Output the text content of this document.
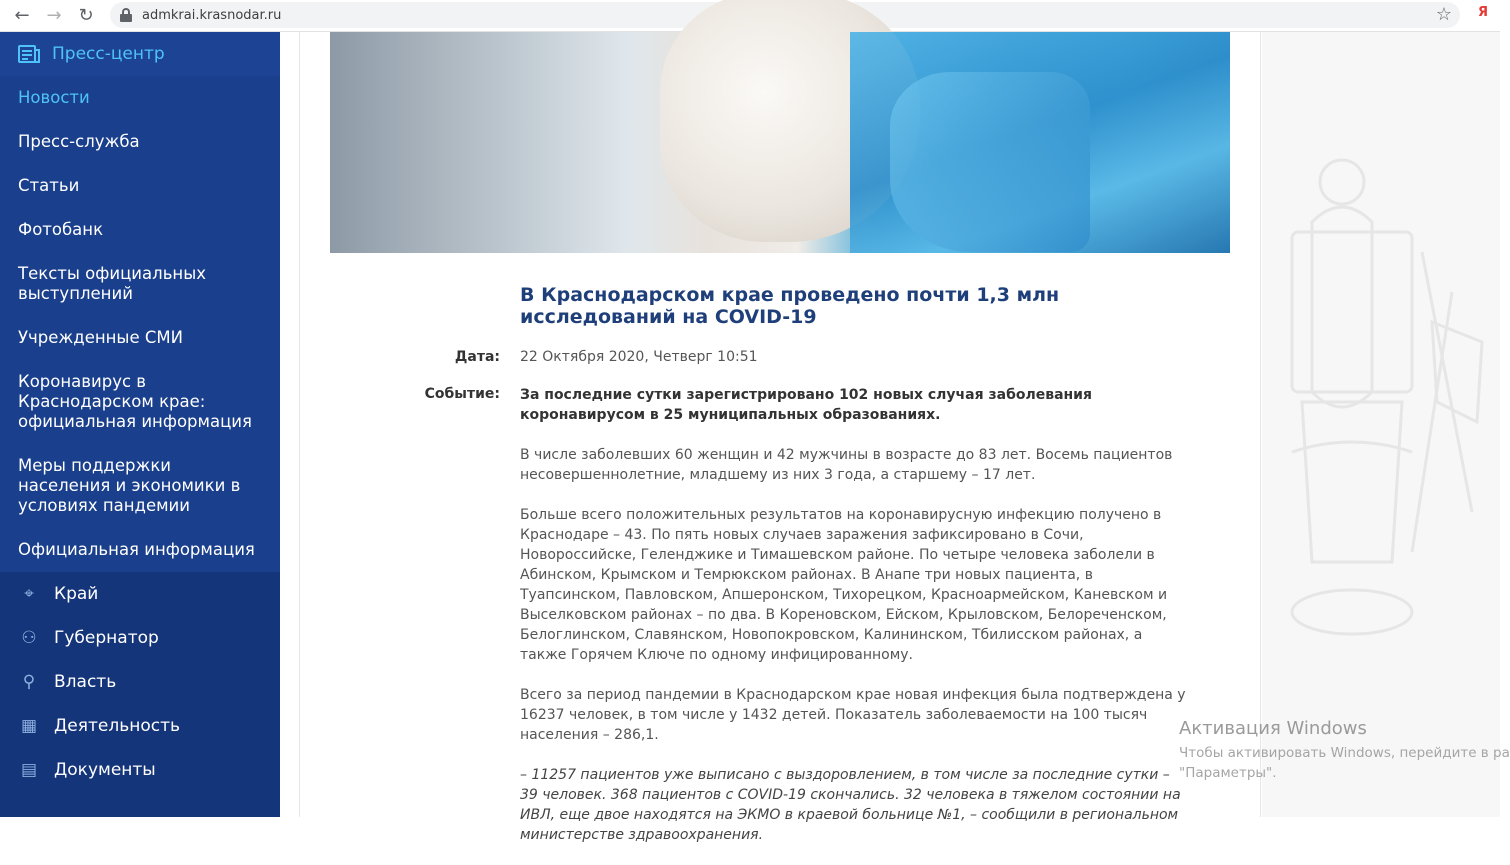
← → ↻	admkrai.krasnodar.ru	☆ Я
Пресс-центр
Новости
Пресс-служба
Статьи
Фотобанк
Тексты официальных выступлений
Учрежденные СМИ
Коронавирус в Краснодарском крае: официальная информация
Меры поддержки населения и экономики в условиях пандемии
Официальная информация
⌖	Край
⚇ Губернатор
⚲ Власть
▦ Деятельность
▤ Документы
В Краснодарском крае проведено почти 1,3 млн исследований на COVID-19
Дата: 22 Октября 2020, Четверг 10:51
Событие: За последние сутки зарегистрировано 102 новых случая заболевания коронавирусом в 25 муниципальных образованиях.

В числе заболевших 60 женщин и 42 мужчины в возрасте до 83 лет. Восемь пациентов несовершеннолетние, младшему из них 3 года, а старшему – 17 лет.

Больше всего положительных результатов на коронавирусную инфекцию получено в Краснодаре – 43. По пять новых случаев заражения зафиксировано в Сочи, Новороссийске, Геленджике и Тимашевском районе. По четыре человека заболели в Абинском, Крымском и Темрюкском районах. В Анапе три новых пациента, в Туапсинском, Павловском, Апшеронском, Тихорецком, Красноармейском, Каневском и Выселковском районах – по два. В Кореновском, Ейском, Крыловском, Белореченском, Белоглинском, Славянском, Новопокровском, Калининском, Тбилисском районах, а также Горячем Ключе по одному инфицированному.

Всего за период пандемии в Краснодарском крае новая инфекция была подтверждена у 16237 человек, в том числе у 1432 детей. Показатель заболеваемости на 100 тысяч населения – 286,1.

– 11257 пациентов уже выписано с выздоровлением, в том числе за последние сутки – 39 человек. 368 пациентов с COVID-19 скончались. 32 человека в тяжелом состоянии на ИВЛ, еще двое находятся на ЭКМО в краевой больнице №1, – сообщили в региональном министерстве здравоохранения.

Активация Windows
Чтобы активировать Windows, перейдите в ра
"Параметры".
